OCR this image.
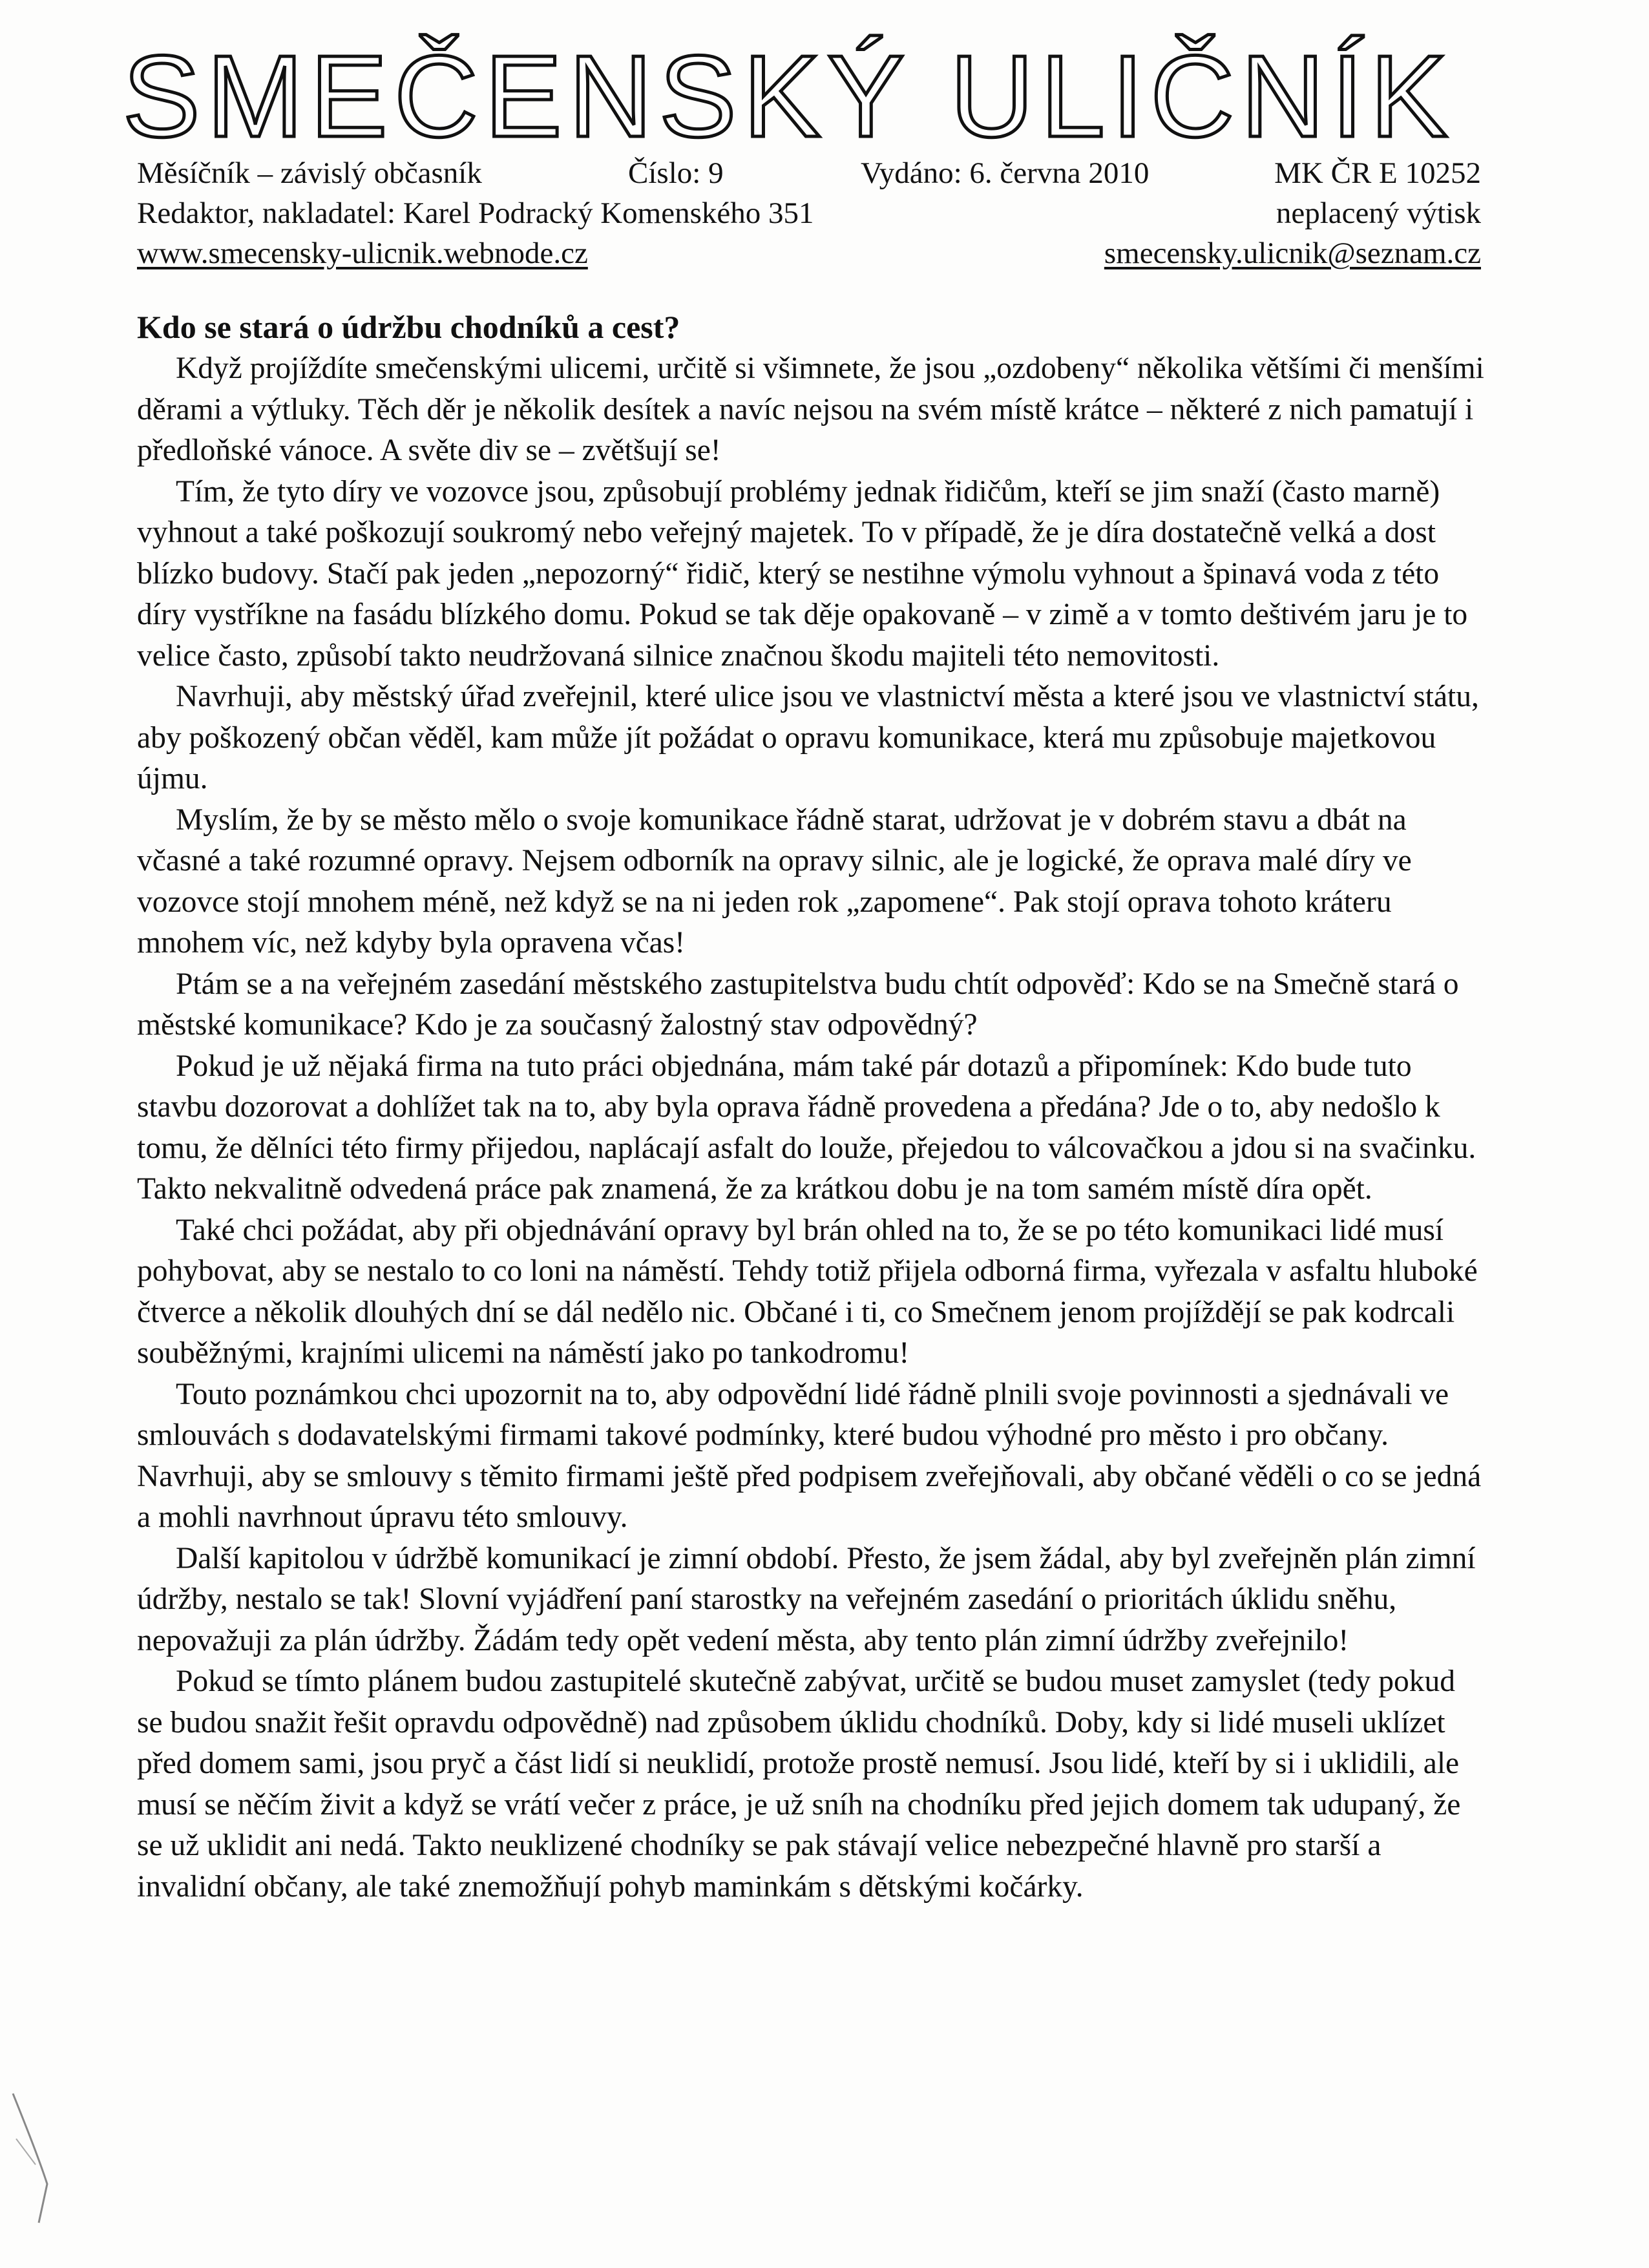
SMEČENSKÝ ULIČNÍK
Měsíčník – závislý občasník	Číslo: 9	Vydáno: 6. června 2010	MK ČR E 10252
Redaktor, nakladatel: Karel Podracký Komenského 351	neplacený výtisk
www.smecensky-ulicnik.webnode.cz	smecensky.ulicnik@seznam.cz

Kdo se stará o údržbu chodníků a cest?

Když projíždíte smečenskými ulicemi, určitě si všimnete, že jsou „ozdobeny“ několika většími či menšími děrami a výtluky. Těch děr je několik desítek a navíc nejsou na svém místě krátce – některé z nich pamatují i předloňské vánoce. A světe div se – zvětšují se!

Tím, že tyto díry ve vozovce jsou, způsobují problémy jednak řidičům, kteří se jim snaží (často marně) vyhnout a také poškozují soukromý nebo veřejný majetek. To v případě, že je díra dostatečně velká a dost blízko budovy. Stačí pak jeden „nepozorný“ řidič, který se nestihne výmolu vyhnout a špinavá voda z této díry vystříkne na fasádu blízkého domu. Pokud se tak děje opakovaně – v zimě a v tomto deštivém jaru je to velice často, způsobí takto neudržovaná silnice značnou škodu majiteli této nemovitosti.

Navrhuji, aby městský úřad zveřejnil, které ulice jsou ve vlastnictví města a které jsou ve vlastnictví státu, aby poškozený občan věděl, kam může jít požádat o opravu komunikace, která mu způsobuje majetkovou újmu.

Myslím, že by se město mělo o svoje komunikace řádně starat, udržovat je v dobrém stavu a dbát na včasné a také rozumné opravy. Nejsem odborník na opravy silnic, ale je logické, že oprava malé díry ve vozovce stojí mnohem méně, než když se na ni jeden rok „zapomene“. Pak stojí oprava tohoto kráteru mnohem víc, než kdyby byla opravena včas!

Ptám se a na veřejném zasedání městského zastupitelstva budu chtít odpověď: Kdo se na Smečně stará o městské komunikace? Kdo je za současný žalostný stav odpovědný?

Pokud je už nějaká firma na tuto práci objednána, mám také pár dotazů a připomínek: Kdo bude tuto stavbu dozorovat a dohlížet tak na to, aby byla oprava řádně provedena a předána? Jde o to, aby nedošlo k tomu, že dělníci této firmy přijedou, naplácají asfalt do louže, přejedou to válcovačkou a jdou si na svačinku. Takto nekvalitně odvedená práce pak znamená, že za krátkou dobu je na tom samém místě díra opět.

Také chci požádat, aby při objednávání opravy byl brán ohled na to, že se po této komunikaci lidé musí pohybovat, aby se nestalo to co loni na náměstí. Tehdy totiž přijela odborná firma, vyřezala v asfaltu hluboké čtverce a několik dlouhých dní se dál nedělo nic. Občané i ti, co Smečnem jenom projíždějí se pak kodrcali souběžnými, krajními ulicemi na náměstí jako po tankodromu!

Touto poznámkou chci upozornit na to, aby odpovědní lidé řádně plnili svoje povinnosti a sjednávali ve smlouvách s dodavatelskými firmami takové podmínky, které budou výhodné pro město i pro občany. Navrhuji, aby se smlouvy s těmito firmami ještě před podpisem zveřejňovali, aby občané věděli o co se jedná a mohli navrhnout úpravu této smlouvy.

Další kapitolou v údržbě komunikací je zimní období. Přesto, že jsem žádal, aby byl zveřejněn plán zimní údržby, nestalo se tak! Slovní vyjádření paní starostky na veřejném zasedání o prioritách úklidu sněhu, nepovažuji za plán údržby. Žádám tedy opět vedení města, aby tento plán zimní údržby zveřejnilo!

Pokud se tímto plánem budou zastupitelé skutečně zabývat, určitě se budou muset zamyslet (tedy pokud se budou snažit řešit opravdu odpovědně) nad způsobem úklidu chodníků. Doby, kdy si lidé museli uklízet před domem sami, jsou pryč a část lidí si neuklidí, protože prostě nemusí. Jsou lidé, kteří by si i uklidili, ale musí se něčím živit a když se vrátí večer z práce, je už sníh na chodníku před jejich domem tak udupaný, že se už uklidit ani nedá. Takto neuklizené chodníky se pak stávají velice nebezpečné hlavně pro starší a invalidní občany, ale také znemožňují pohyb maminkám s dětskými kočárky.
